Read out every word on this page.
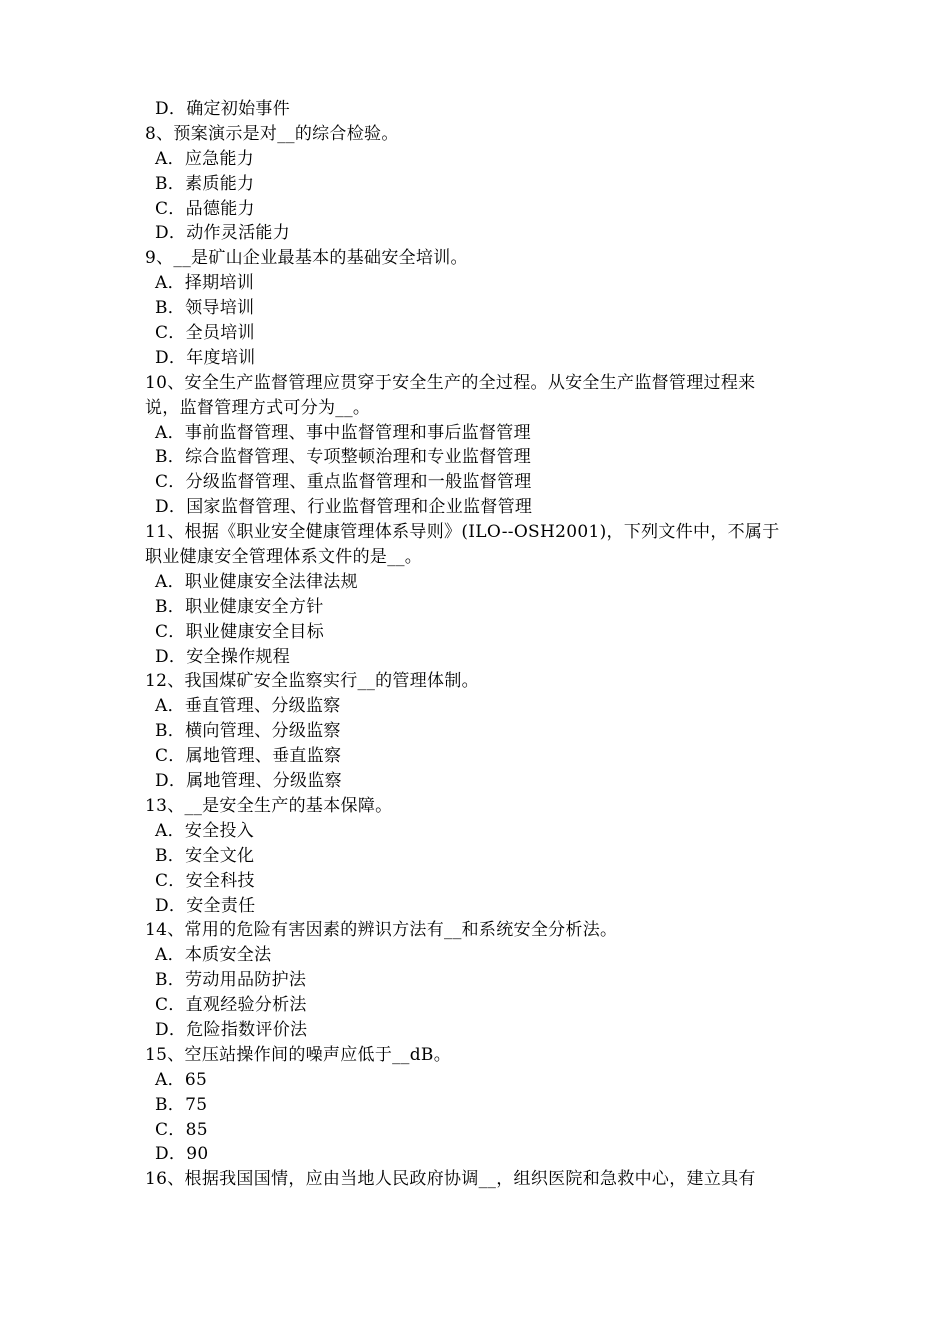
D．确定初始事件
8、预案演示是对__的综合检验。
A．应急能力
B．素质能力
C．品德能力
D．动作灵活能力
9、__是矿山企业最基本的基础安全培训。
A．择期培训
B．领导培训
C．全员培训
D．年度培训
10、安全生产监督管理应贯穿于安全生产的全过程。从安全生产监督管理过程来
说，监督管理方式可分为__。
A．事前监督管理、事中监督管理和事后监督管理
B．综合监督管理、专项整顿治理和专业监督管理
C．分级监督管理、重点监督管理和一般监督管理
D．国家监督管理、行业监督管理和企业监督管理
11、根据《职业安全健康管理体系导则》(ILO--OSH2001)，下列文件中，不属于
职业健康安全管理体系文件的是__。
A．职业健康安全法律法规
B．职业健康安全方针
C．职业健康安全目标
D．安全操作规程
12、我国煤矿安全监察实行__的管理体制。
A．垂直管理、分级监察
B．横向管理、分级监察
C．属地管理、垂直监察
D．属地管理、分级监察
13、__是安全生产的基本保障。
A．安全投入
B．安全文化
C．安全科技
D．安全责任
14、常用的危险有害因素的辨识方法有__和系统安全分析法。
A．本质安全法
B．劳动用品防护法
C．直观经验分析法
D．危险指数评价法
15、空压站操作间的噪声应低于__dB。
A．65
B．75
C．85
D．90
16、根据我国国情，应由当地人民政府协调__，组织医院和急救中心，建立具有
